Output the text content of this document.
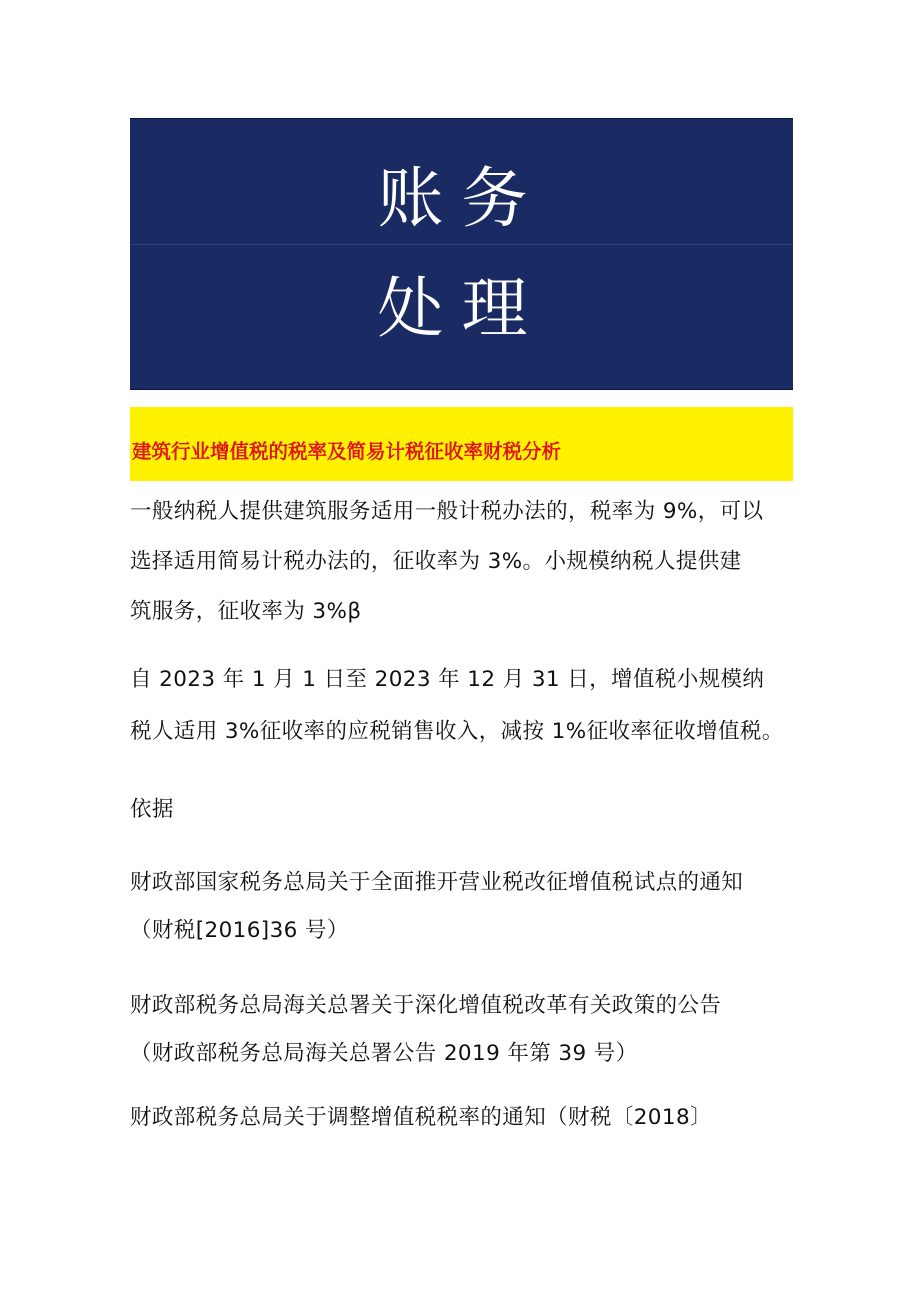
账务
处理
建筑行业增值税的税率及简易计税征收率财税分析
一般纳税人提供建筑服务适用一般计税办法的，税率为 9%，可以
选择适用简易计税办法的，征收率为 3%。小规模纳税人提供建
筑服务，征收率为 3%β
自 2023 年 1 月 1 日至 2023 年 12 月 31 日，增值税小规模纳
税人适用 3%征收率的应税销售收入，减按 1%征收率征收增值税。
依据
财政部国家税务总局关于全面推开营业税改征增值税试点的通知
（财税[2016]36 号）
财政部税务总局海关总署关于深化增值税改革有关政策的公告
（财政部税务总局海关总署公告 2019 年第 39 号）
财政部税务总局关于调整增值税税率的通知（财税〔2018〕
